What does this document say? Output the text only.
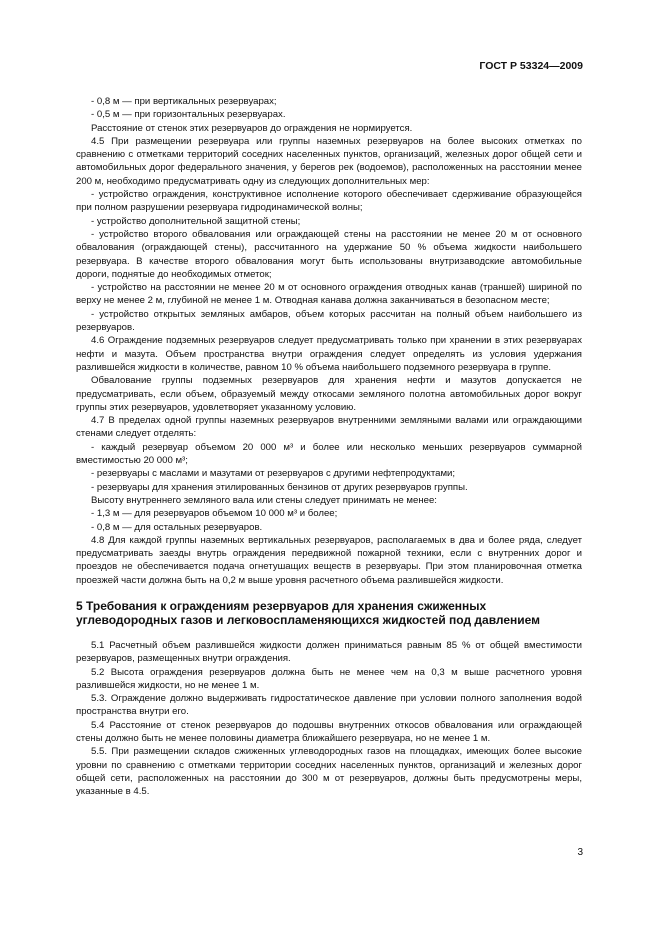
ГОСТ Р 53324—2009

- 0,8 м — при вертикальных резервуарах;

- 0,5 м — при горизонтальных резервуарах.

Расстояние от стенок этих резервуаров до ограждения не нормируется.

4.5 При размещении резервуара или группы наземных резервуаров на более высоких отметках по сравнению с отметками территорий соседних населенных пунктов, организаций, железных дорог общей сети и автомобильных дорог федерального значения, у берегов рек (водоемов), расположенных на расстоянии менее 200 м, необходимо предусматривать одну из следующих дополнительных мер:

- устройство ограждения, конструктивное исполнение которого обеспечивает сдерживание образующейся при полном разрушении резервуара гидродинамической волны;

- устройство дополнительной защитной стены;

- устройство второго обвалования или ограждающей стены на расстоянии не менее 20 м от основного обвалования (ограждающей стены), рассчитанного на удержание 50 % объема жидкости наибольшего резервуара. В качестве второго обвалования могут быть использованы внутризаводские автомобильные дороги, поднятые до необходимых отметок;

- устройство на расстоянии не менее 20 м от основного ограждения отводных канав (траншей) шириной по верху не менее 2 м, глубиной не менее 1 м. Отводная канава должна заканчиваться в безопасном месте;

- устройство открытых земляных амбаров, объем которых рассчитан на полный объем наибольшего из резервуаров.

4.6 Ограждение подземных резервуаров следует предусматривать только при хранении в этих резервуарах нефти и мазута. Объем пространства внутри ограждения следует определять из условия удержания разлившейся жидкости в количестве, равном 10 % объема наибольшего подземного резервуара в группе.

Обвалование группы подземных резервуаров для хранения нефти и мазутов допускается не предусматривать, если объем, образуемый между откосами земляного полотна автомобильных дорог вокруг группы этих резервуаров, удовлетворяет указанному условию.

4.7 В пределах одной группы наземных резервуаров внутренними земляными валами или ограждающими стенами следует отделять:

- каждый резервуар объемом 20 000 м³ и более или несколько меньших резервуаров суммарной вместимостью 20 000 м³;

- резервуары с маслами и мазутами от резервуаров с другими нефтепродуктами;

- резервуары для хранения этилированных бензинов от других резервуаров группы.

Высоту внутреннего земляного вала или стены следует принимать не менее:

- 1,3 м — для резервуаров объемом 10 000 м³ и более;

- 0,8 м — для остальных резервуаров.

4.8 Для каждой группы наземных вертикальных резервуаров, располагаемых в два и более ряда, следует предусматривать заезды внутрь ограждения передвижной пожарной техники, если с внутренних дорог и проездов не обеспечивается подача огнетушащих веществ в резервуары. При этом планировочная отметка проезжей части должна быть на 0,2 м выше уровня расчетного объема разлившейся жидкости.

5 Требования к ограждениям резервуаров для хранения сжиженных углеводородных газов и легковоспламеняющихся жидкостей под давлением

5.1 Расчетный объем разлившейся жидкости должен приниматься равным 85 % от общей вместимости резервуаров, размещенных внутри ограждения.

5.2 Высота ограждения резервуаров должна быть не менее чем на 0,3 м выше расчетного уровня разлившейся жидкости, но не менее 1 м.

5.3. Ограждение должно выдерживать гидростатическое давление при условии полного заполнения водой пространства внутри его.

5.4 Расстояние от стенок резервуаров до подошвы внутренних откосов обвалования или ограждающей стены должно быть не менее половины диаметра ближайшего резервуара, но не менее 1 м.

5.5. При размещении складов сжиженных углеводородных газов на площадках, имеющих более высокие уровни по сравнению с отметками территории соседних населенных пунктов, организаций и железных дорог общей сети, расположенных на расстоянии до 300 м от резервуаров, должны быть предусмотрены меры, указанные в 4.5.

3
